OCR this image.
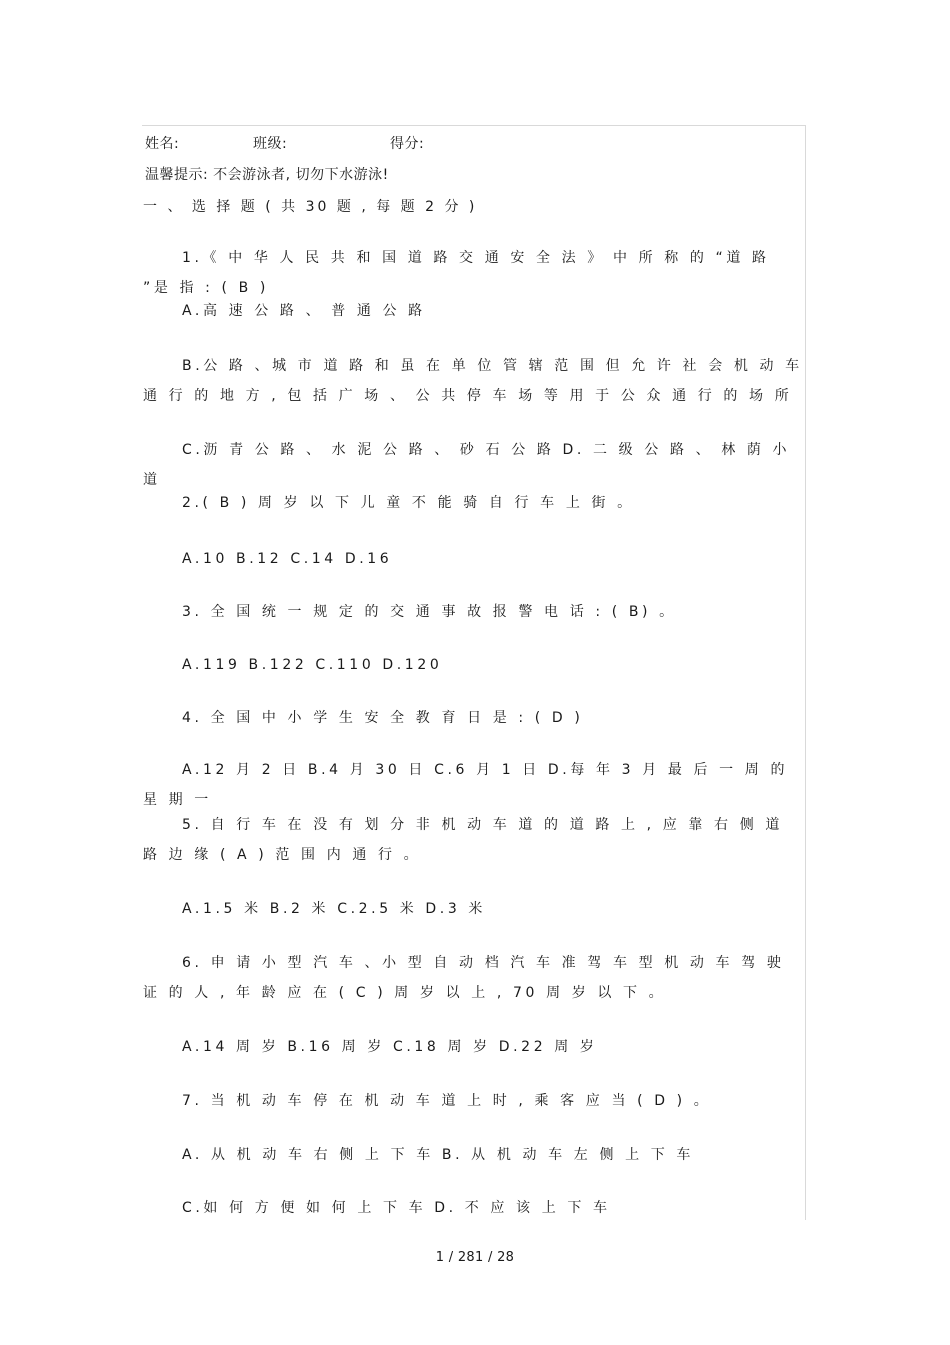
姓名:	班级:	得分:
温馨提示: 不会游泳者, 切勿下水游泳!
一 、 选 择 题 ( 共 30 题 , 每 题 2 分 )

1.《 中 华 人 民 共 和 国 道 路 交 通 安 全 法 》 中 所 称 的 “道 路 ”是 指 : ( B )

A.高 速 公 路 、 普 通 公 路

B.公 路 、城 市 道 路 和 虽 在 单 位 管 辖 范 围 但 允 许 社 会 机 动 车 通 行 的 地 方 , 包 括 广 场 、 公 共 停 车 场 等 用 于 公 众 通 行 的 场 所

C.沥 青 公 路 、 水 泥 公 路 、 砂 石 公 路 D. 二 级 公 路 、 林 荫 小 道

2.( B ) 周 岁 以 下 儿 童 不 能 骑 自 行 车 上 街 。

A.10 B.12 C.14 D.16

3. 全 国 统 一 规 定 的 交 通 事 故 报 警 电 话 : ( B) 。

A.119 B.122 C.110 D.120

4. 全 国 中 小 学 生 安 全 教 育 日 是 : ( D )

A.12 月 2 日 B.4 月 30 日 C.6 月 1 日 D.每 年 3 月 最 后 一 周 的 星 期 一

5. 自 行 车 在 没 有 划 分 非 机 动 车 道 的 道 路 上 , 应 靠 右 侧 道 路 边 缘 ( A ) 范 围 内 通 行 。

A.1.5 米 B.2 米 C.2.5 米 D.3 米

6. 申 请 小 型 汽 车 、小 型 自 动 档 汽 车 准 驾 车 型 机 动 车 驾 驶 证 的 人 , 年 龄 应 在 ( C ) 周 岁 以 上 , 70 周 岁 以 下 。

A.14 周 岁 B.16 周 岁 C.18 周 岁 D.22 周 岁

7. 当 机 动 车 停 在 机 动 车 道 上 时 , 乘 客 应 当 ( D ) 。

A. 从 机 动 车 右 侧 上 下 车 B. 从 机 动 车 左 侧 上 下 车

C.如 何 方 便 如 何 上 下 车 D. 不 应 该 上 下 车

1 / 281 / 28
